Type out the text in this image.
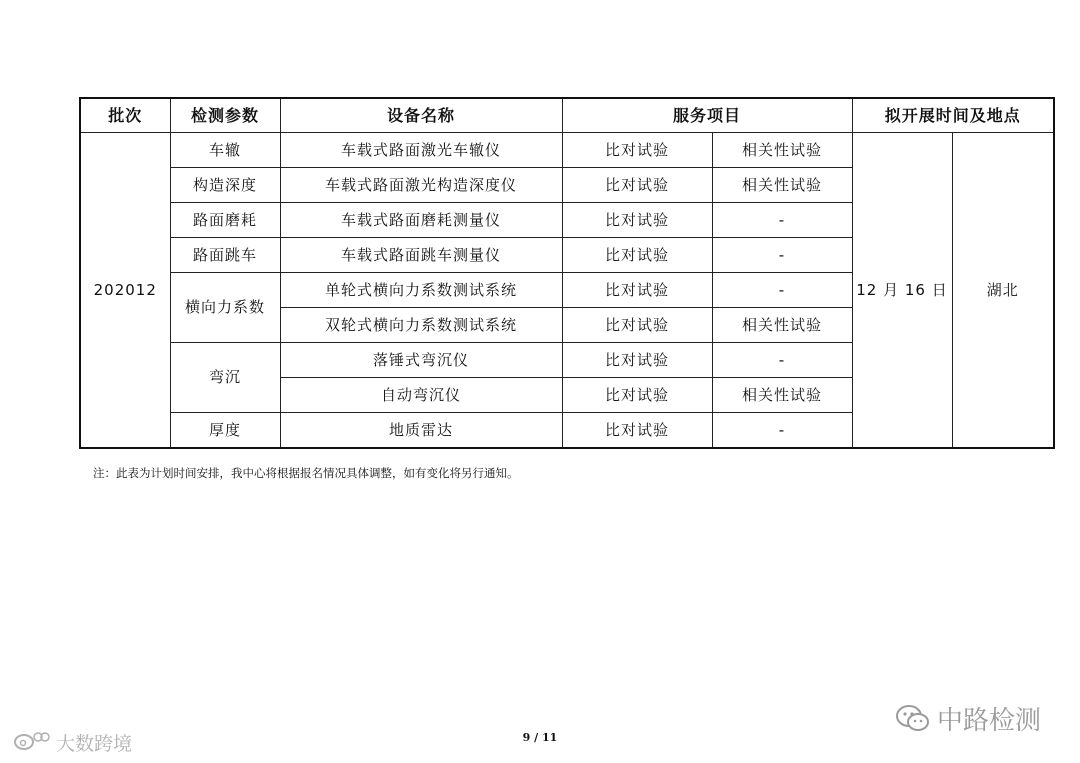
批次	检测参数	设备名称	服务项目		拟开展时间及地点	
202012	车辙	车载式路面激光车辙仪	比对试验	相关性试验	12 月 16 日	湖北
	构造深度	车载式路面激光构造深度仪	比对试验	相关性试验		
	路面磨耗	车载式路面磨耗测量仪	比对试验	-		
	路面跳车	车载式路面跳车测量仪	比对试验	-		
	横向力系数	单轮式横向力系数测试系统	比对试验	-		
		双轮式横向力系数测试系统	比对试验	相关性试验		
	弯沉	落锤式弯沉仪	比对试验	-		
		自动弯沉仪	比对试验	相关性试验		
	厚度	地质雷达	比对试验	-		
注：此表为计划时间安排，我中心将根据报名情况具体调整，如有变化将另行通知。
9 / 11
中路检测
大数跨境
